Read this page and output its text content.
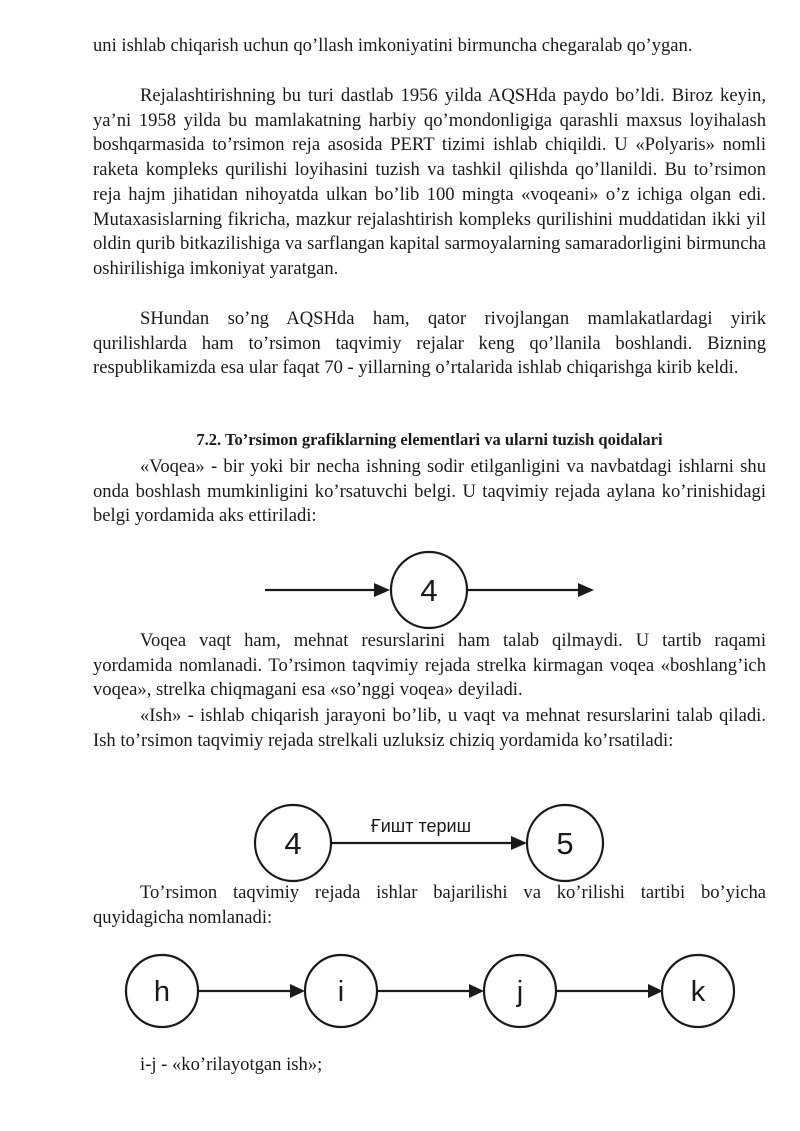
uni ishlab chiqarish uchun qo’llash imkoniyatini birmuncha chegaralab qo’ygan.

Rejalashtirishning bu turi dastlab 1956 yilda AQSHda paydo bo’ldi. Biroz keyin, ya’ni 1958 yilda bu mamlakatning harbiy qo’mondonligiga qarashli maxsus loyihalash boshqarmasida to’rsimon reja asosida PERT tizimi ishlab chiqildi. U «Polyaris» nomli raketa kompleks qurilishi loyihasini tuzish va tashkil qilishda qo’llanildi. Bu to’rsimon reja hajm jihatidan nihoyatda ulkan bo’lib 100 mingta «voqeani» o’z ichiga olgan edi. Mutaxasislarning fikricha, mazkur rejalashtirish kompleks qurilishini muddatidan ikki yil oldin qurib bitkazilishiga va sarflangan kapital sarmoyalarning samaradorligini birmuncha oshirilishiga imkoniyat yaratgan.

SHundan so’ng AQSHda ham, qator rivojlangan mamlakatlardagi yirik qurilishlarda ham to’rsimon taqvimiy rejalar keng qo’llanila boshlandi. Bizning respublikamizda esa ular faqat 70 - yillarning o’rtalarida ishlab chiqarishga kirib keldi.

7.2. To’rsimon grafiklarning elementlari va ularni tuzish qoidalari

«Voqea» - bir yoki bir necha ishning sodir etilganligini va navbatdagi ishlarni shu onda boshlash mumkinligini ko’rsatuvchi belgi. U taqvimiy rejada aylana ko’rinishidagi belgi yordamida aks ettiriladi:

4

Voqea vaqt ham, mehnat resurslarini ham talab qilmaydi. U tartib raqami yordamida nomlanadi. To’rsimon taqvimiy rejada strelka kirmagan voqea «boshlang’ich voqea», strelka chiqmagani esa «so’nggi voqea» deyiladi.

«Ish» - ishlab chiqarish jarayoni bo’lib, u vaqt va mehnat resurslarini talab qiladi. Ish to’rsimon taqvimiy rejada strelkali uzluksiz chiziq yordamida ko’rsatiladi:

4	Ғишт териш	5

To’rsimon taqvimiy rejada ishlar bajarilishi va ko’rilishi tartibi bo’yicha quyidagicha nomlanadi:

h	i	j	k

i-j - «ko’rilayotgan ish»;
